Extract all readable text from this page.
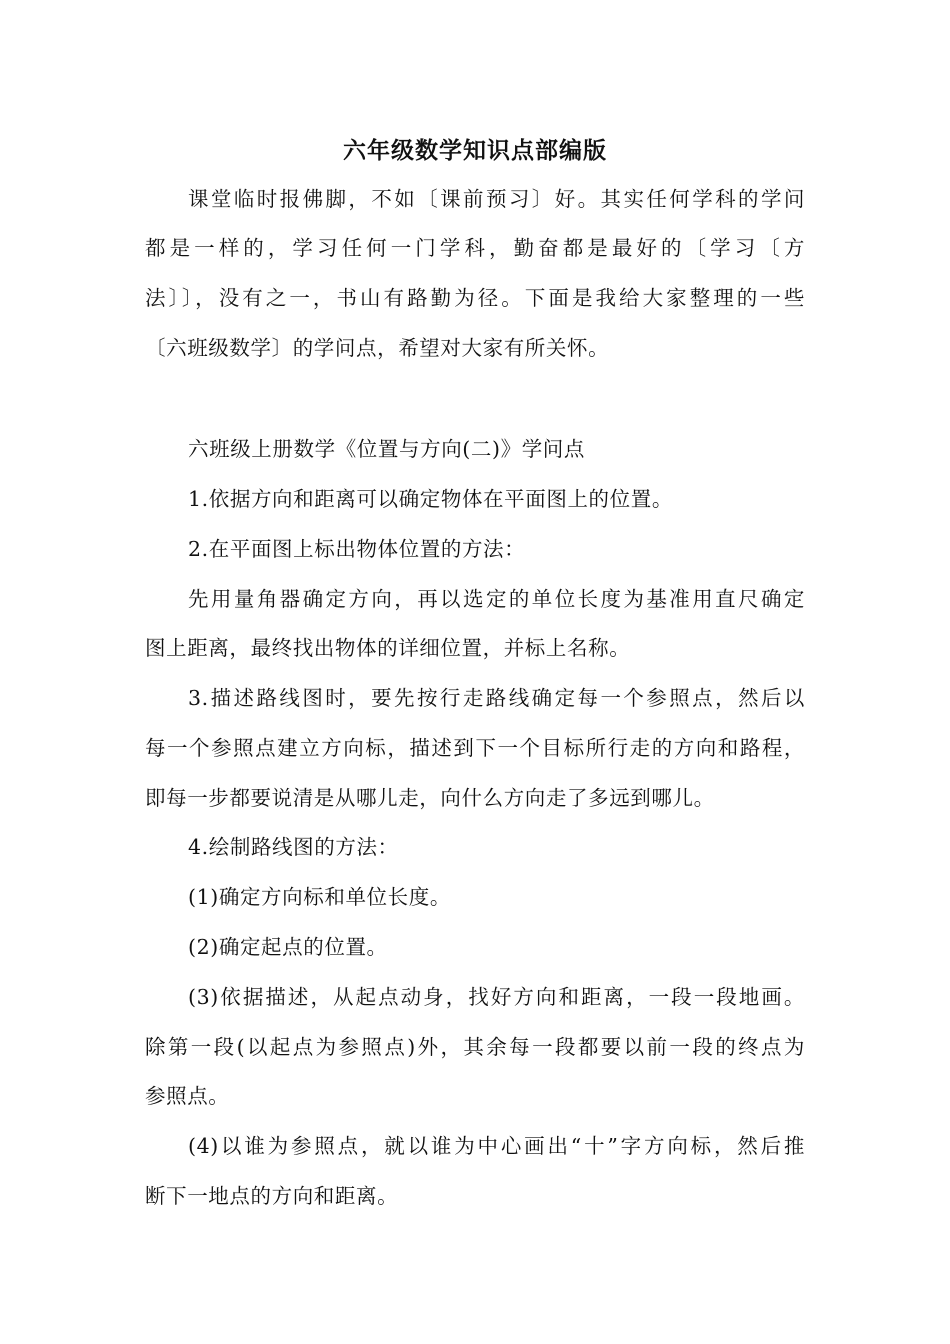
六年级数学知识点部编版
课堂临时报佛脚，不如〔课前预习〕好。其实任何学科的学问
都是一样的，学习任何一门学科，勤奋都是最好的〔学习〔方
法〕〕，没有之一，书山有路勤为径。下面是我给大家整理的一些
〔六班级数学〕的学问点，希望对大家有所关怀。
六班级上册数学《位置与方向(二)》学问点
1.依据方向和距离可以确定物体在平面图上的位置。
2.在平面图上标出物体位置的方法：
先用量角器确定方向，再以选定的单位长度为基准用直尺确定
图上距离，最终找出物体的详细位置，并标上名称。
3.描述路线图时，要先按行走路线确定每一个参照点，然后以
每一个参照点建立方向标，描述到下一个目标所行走的方向和路程，
即每一步都要说清是从哪儿走，向什么方向走了多远到哪儿。
4.绘制路线图的方法：
(1)确定方向标和单位长度。
(2)确定起点的位置。
(3)依据描述，从起点动身，找好方向和距离，一段一段地画。
除第一段(以起点为参照点)外，其余每一段都要以前一段的终点为
参照点。
(4)以谁为参照点，就以谁为中心画出“十”字方向标，然后推
断下一地点的方向和距离。
